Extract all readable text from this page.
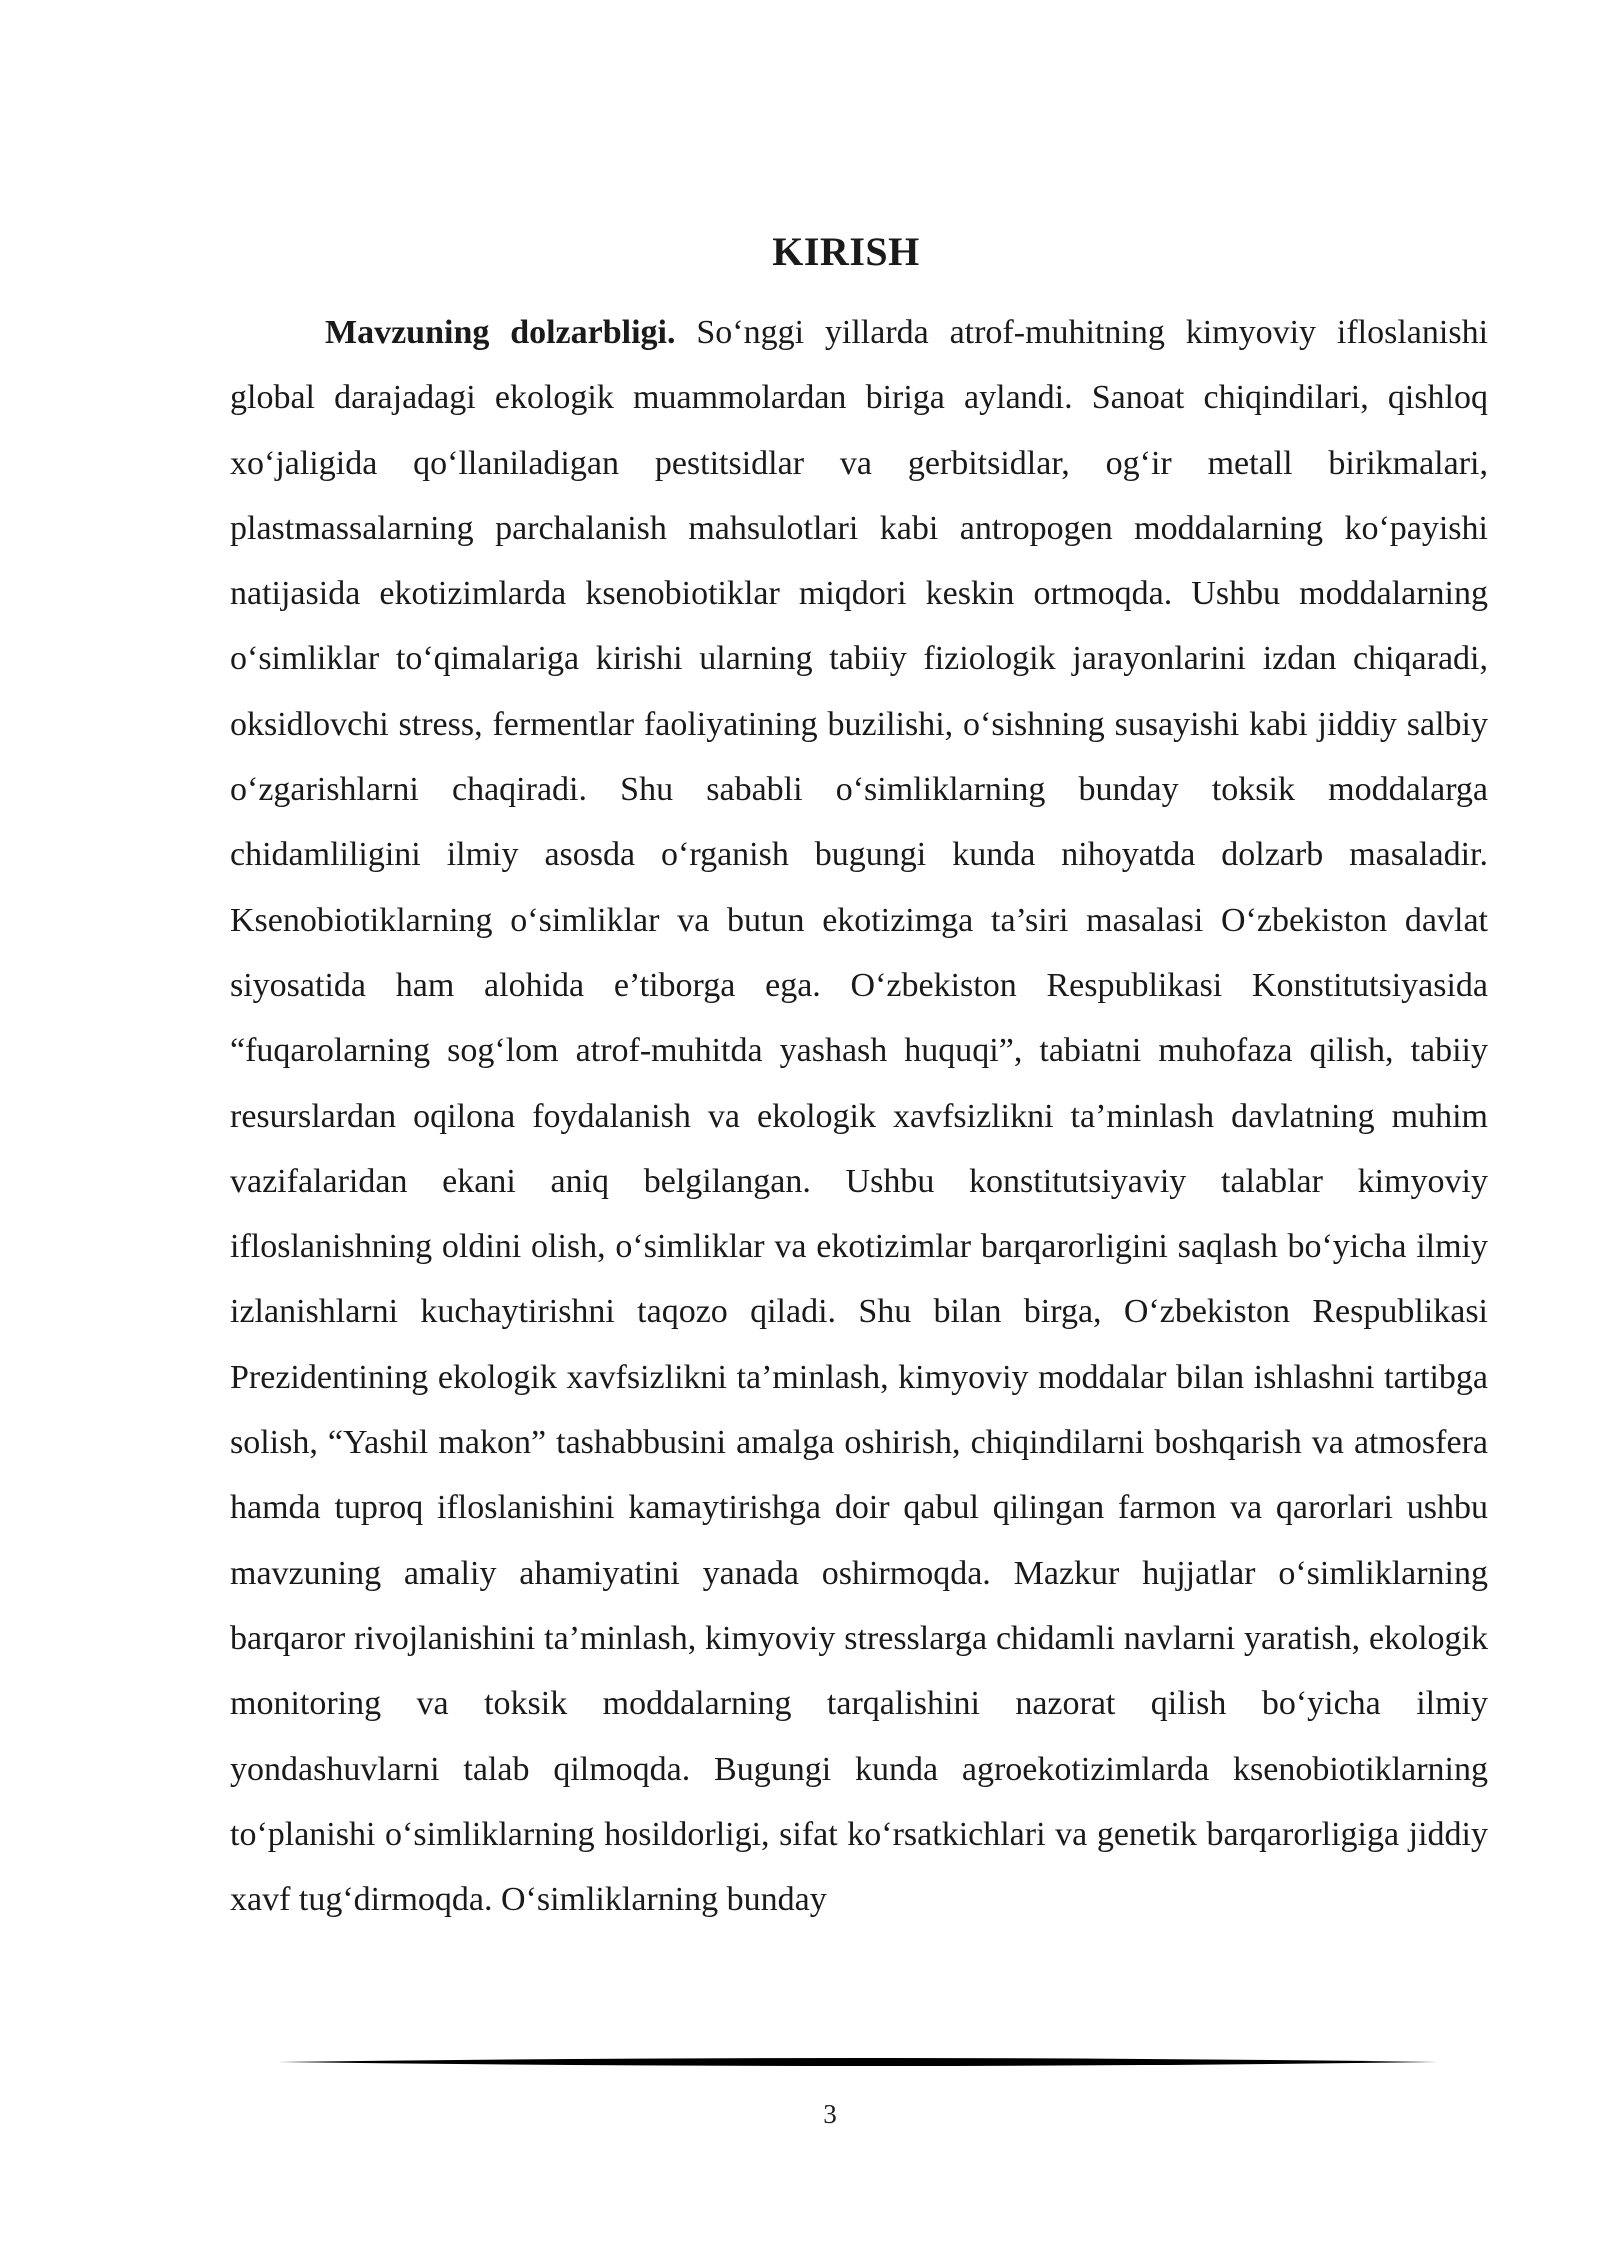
KIRISH

Mavzuning dolzarbligi. So‘nggi yillarda atrof-muhitning kimyoviy ifloslanishi global darajadagi ekologik muammolardan biriga aylandi. Sanoat chiqindilari, qishloq xo‘jaligida qo‘llaniladigan pestitsidlar va gerbitsidlar, og‘ir metall birikmalari, plastmassalarning parchalanish mahsulotlari kabi antropogen moddalarning ko‘payishi natijasida ekotizimlarda ksenobiotiklar miqdori keskin ortmoqda. Ushbu moddalarning o‘simliklar to‘qimalariga kirishi ularning tabiiy fiziologik jarayonlarini izdan chiqaradi, oksidlovchi stress, fermentlar faoliyatining buzilishi, o‘sishning susayishi kabi jiddiy salbiy o‘zgarishlarni chaqiradi. Shu sababli o‘simliklarning bunday toksik moddalarga chidamliligini ilmiy asosda o‘rganish bugungi kunda nihoyatda dolzarb masaladir. Ksenobiotiklarning o‘simliklar va butun ekotizimga ta’siri masalasi O‘zbekiston davlat siyosatida ham alohida e’tiborga ega. O‘zbekiston Respublikasi Konstitutsiyasida “fuqarolarning sog‘lom atrof-muhitda yashash huquqi”, tabiatni muhofaza qilish, tabiiy resurslardan oqilona foydalanish va ekologik xavfsizlikni ta’minlash davlatning muhim vazifalaridan ekani aniq belgilangan. Ushbu konstitutsiyaviy talablar kimyoviy ifloslanishning oldini olish, o‘simliklar va ekotizimlar barqarorligini saqlash bo‘yicha ilmiy izlanishlarni kuchaytirishni taqozo qiladi. Shu bilan birga, O‘zbekiston Respublikasi Prezidentining ekologik xavfsizlikni ta’minlash, kimyoviy moddalar bilan ishlashni tartibga solish, “Yashil makon” tashabbusini amalga oshirish, chiqindilarni boshqarish va atmosfera hamda tuproq ifloslanishini kamaytirishga doir qabul qilingan farmon va qarorlari ushbu mavzuning amaliy ahamiyatini yanada oshirmoqda. Mazkur hujjatlar o‘simliklarning barqaror rivojlanishini ta’minlash, kimyoviy stresslarga chidamli navlarni yaratish, ekologik monitoring va toksik moddalarning tarqalishini nazorat qilish bo‘yicha ilmiy yondashuvlarni talab qilmoqda. Bugungi kunda agroekotizimlarda ksenobiotiklarning to‘planishi o‘simliklarning hosildorligi, sifat ko‘rsatkichlari va genetik barqarorligiga jiddiy xavf tug‘dirmoqda. O‘simliklarning bunday

3
